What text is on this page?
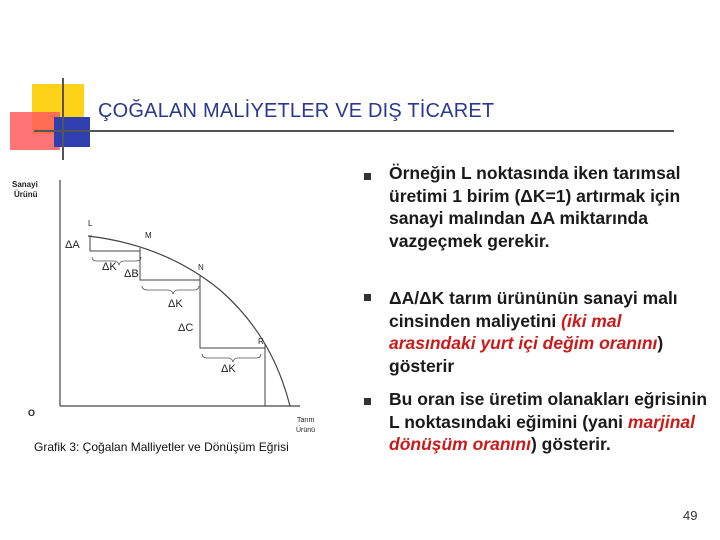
ÇOĞALAN MALİYETLER VE DIŞ TİCARET
Sanayi
Ürünü
Tarım
Ürünü
O
L
M
N
R
ΔA
ΔK
ΔB
ΔK
ΔC
ΔK
Grafik 3: Çoğalan Malliyetler ve Dönüşüm Eğrisi
Örneğin L noktasında iken tarımsal üretimi 1 birim (ΔK=1) artırmak için sanayi malından ΔA miktarında vazgeçmek gerekir.
ΔA/ΔK tarım ürününün sanayi malı cinsinden maliyetini (iki mal arasındaki yurt içi değim oranını) gösterir
Bu oran ise üretim olanakları eğrisinin L noktasındaki eğimini (yani marjinal dönüşüm oranını) gösterir.
49
